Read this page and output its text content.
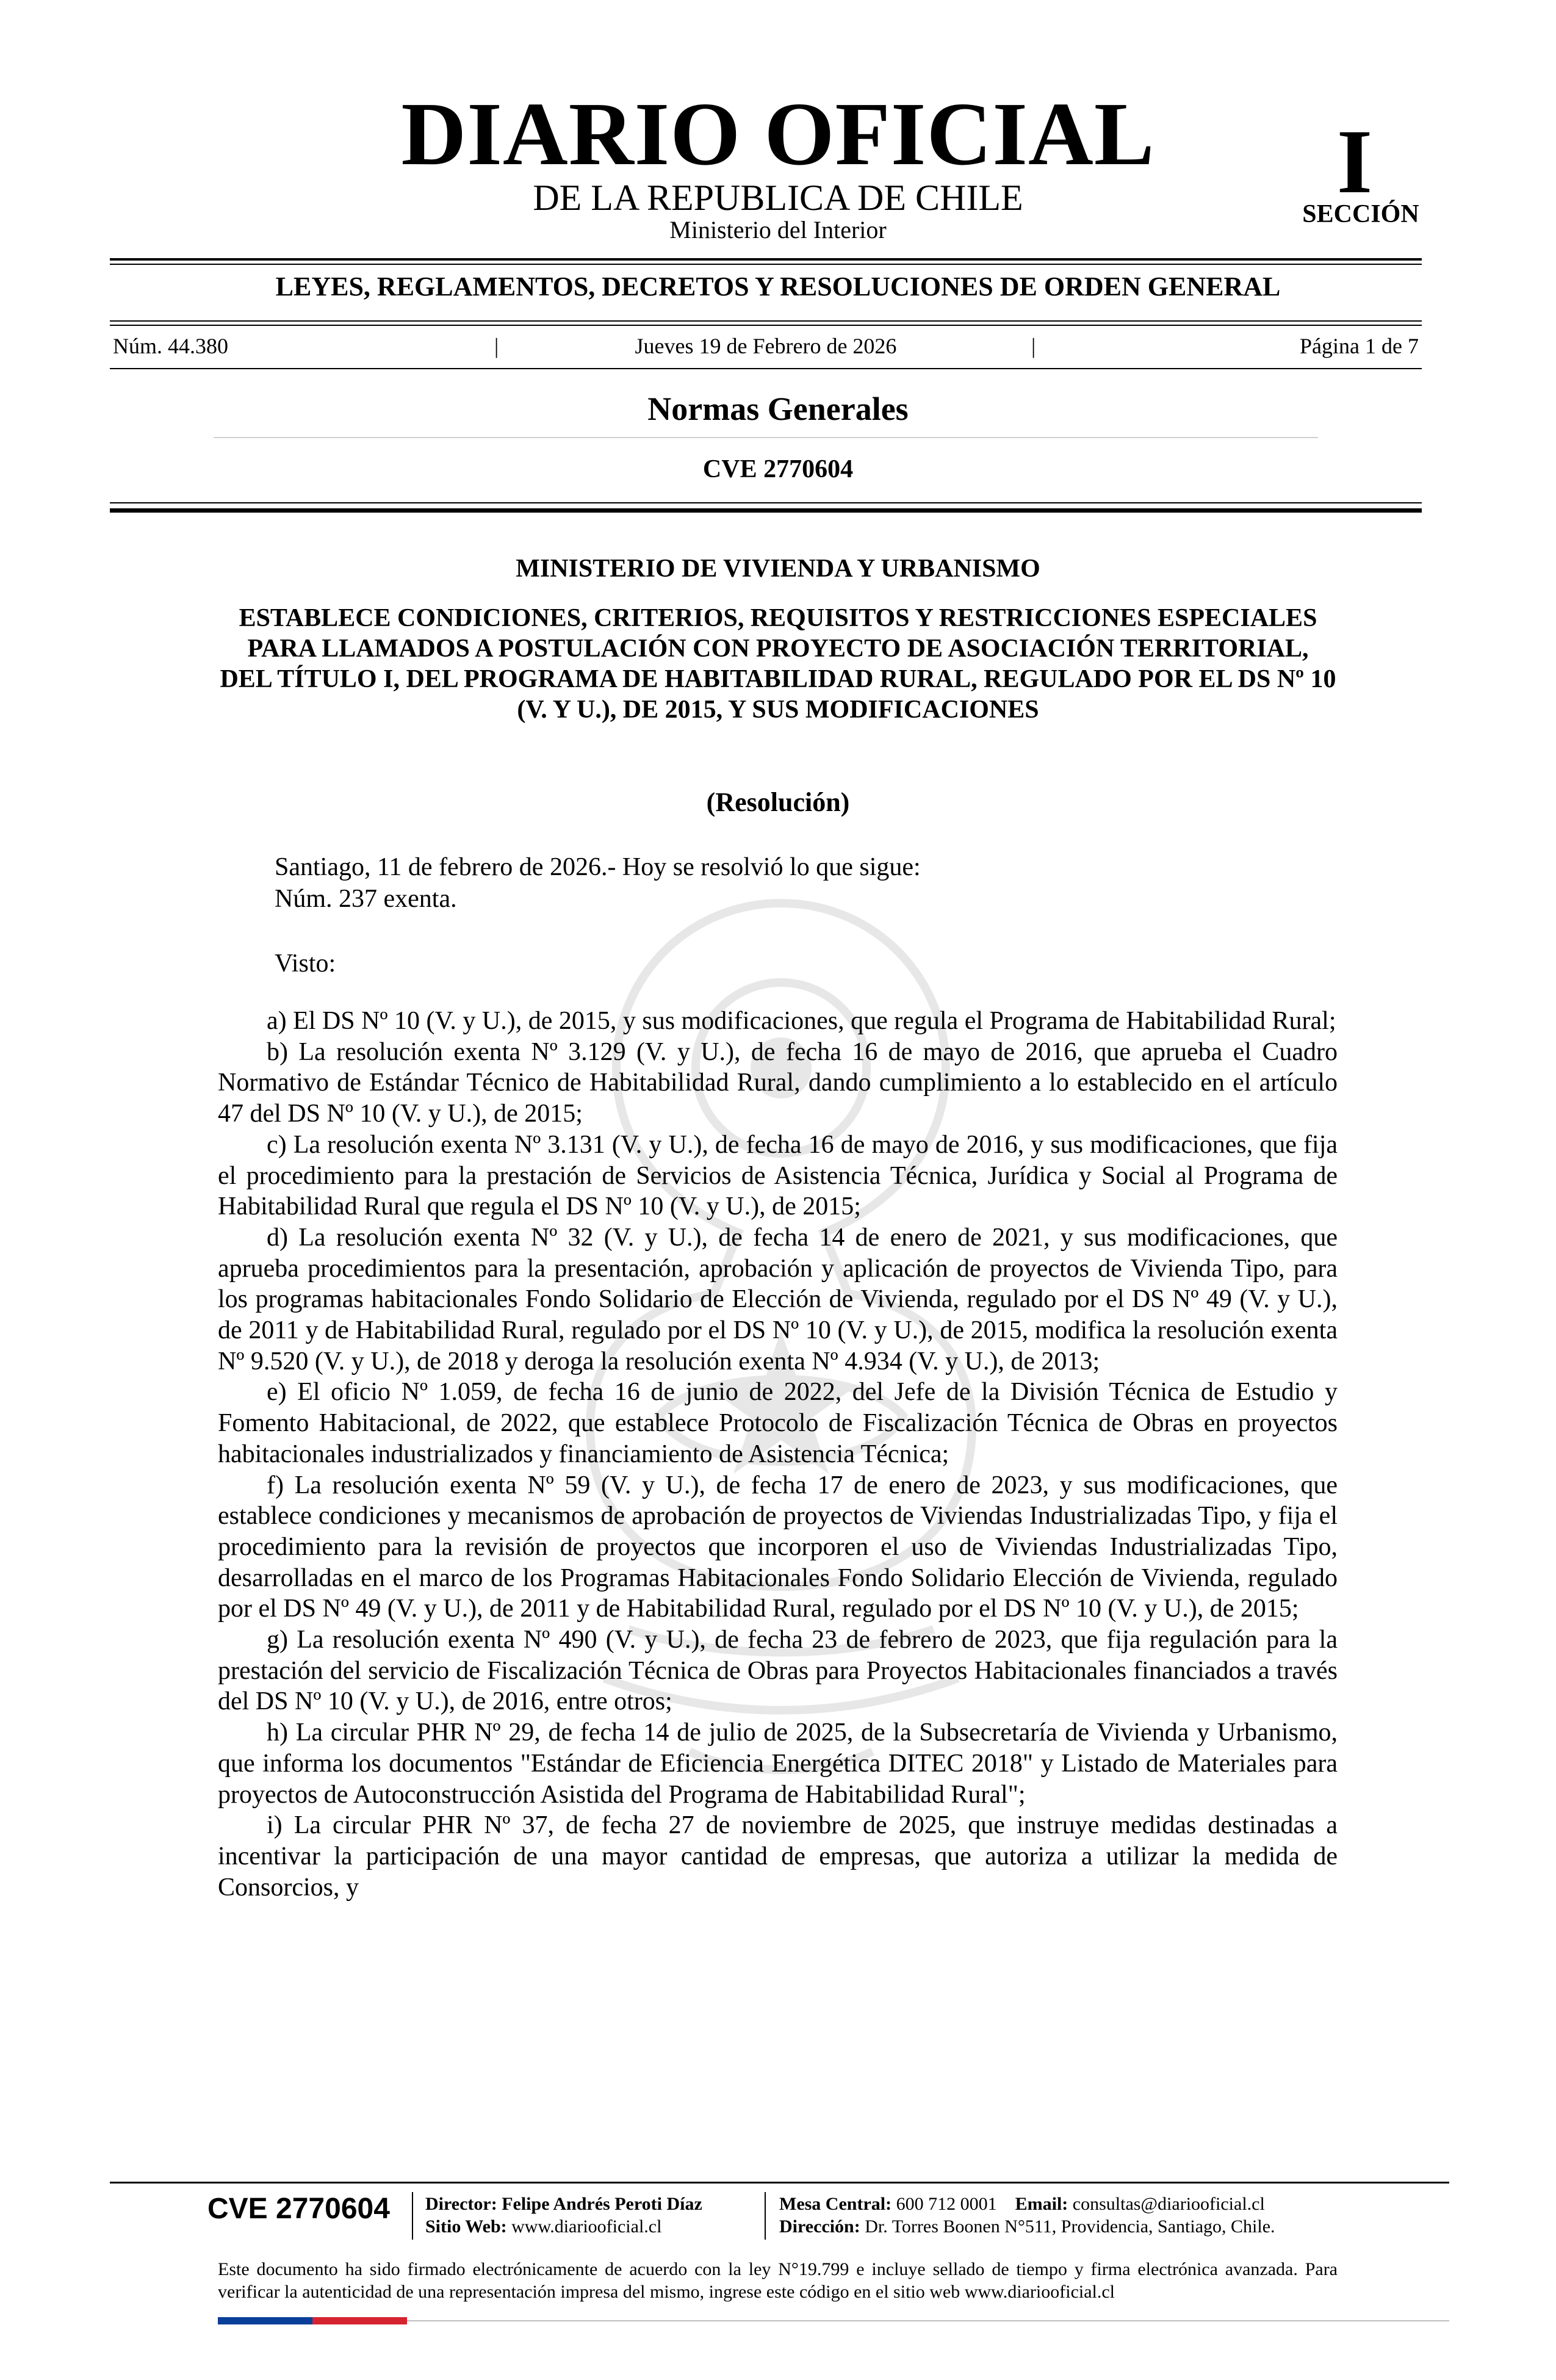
DIARIO OFICIAL
DE LA REPUBLICA DE CHILE
Ministerio del Interior
I
SECCIÓN
LEYES, REGLAMENTOS, DECRETOS Y RESOLUCIONES DE ORDEN GENERAL
Núm. 44.380	|	Jueves 19 de Febrero de 2026	|	Página 1 de 7
Normas Generales
CVE 2770604
MINISTERIO DE VIVIENDA Y URBANISMO
ESTABLECE CONDICIONES, CRITERIOS, REQUISITOS Y RESTRICCIONES ESPECIALES PARA LLAMADOS A POSTULACIÓN CON PROYECTO DE ASOCIACIÓN TERRITORIAL, DEL TÍTULO I, DEL PROGRAMA DE HABITABILIDAD RURAL, REGULADO POR EL DS Nº 10 (V. Y U.), DE 2015, Y SUS MODIFICACIONES
(Resolución)
Santiago, 11 de febrero de 2026.- Hoy se resolvió lo que sigue:
Núm. 237 exenta.
Visto:

a) El DS Nº 10 (V. y U.), de 2015, y sus modificaciones, que regula el Programa de Habitabilidad Rural;

b) La resolución exenta Nº 3.129 (V. y U.), de fecha 16 de mayo de 2016, que aprueba el Cuadro Normativo de Estándar Técnico de Habitabilidad Rural, dando cumplimiento a lo establecido en el artículo 47 del DS Nº 10 (V. y U.), de 2015;

c) La resolución exenta Nº 3.131 (V. y U.), de fecha 16 de mayo de 2016, y sus modificaciones, que fija el procedimiento para la prestación de Servicios de Asistencia Técnica, Jurídica y Social al Programa de Habitabilidad Rural que regula el DS Nº 10 (V. y U.), de 2015;

d) La resolución exenta Nº 32 (V. y U.), de fecha 14 de enero de 2021, y sus modificaciones, que aprueba procedimientos para la presentación, aprobación y aplicación de proyectos de Vivienda Tipo, para los programas habitacionales Fondo Solidario de Elección de Vivienda, regulado por el DS Nº 49 (V. y U.), de 2011 y de Habitabilidad Rural, regulado por el DS Nº 10 (V. y U.), de 2015, modifica la resolución exenta Nº 9.520 (V. y U.), de 2018 y deroga la resolución exenta Nº 4.934 (V. y U.), de 2013;

e) El oficio Nº 1.059, de fecha 16 de junio de 2022, del Jefe de la División Técnica de Estudio y Fomento Habitacional, de 2022, que establece Protocolo de Fiscalización Técnica de Obras en proyectos habitacionales industrializados y financiamiento de Asistencia Técnica;

f) La resolución exenta Nº 59 (V. y U.), de fecha 17 de enero de 2023, y sus modificaciones, que establece condiciones y mecanismos de aprobación de proyectos de Viviendas Industrializadas Tipo, y fija el procedimiento para la revisión de proyectos que incorporen el uso de Viviendas Industrializadas Tipo, desarrolladas en el marco de los Programas Habitacionales Fondo Solidario Elección de Vivienda, regulado por el DS Nº 49 (V. y U.), de 2011 y de Habitabilidad Rural, regulado por el DS Nº 10 (V. y U.), de 2015;

g) La resolución exenta Nº 490 (V. y U.), de fecha 23 de febrero de 2023, que fija regulación para la prestación del servicio de Fiscalización Técnica de Obras para Proyectos Habitacionales financiados a través del DS Nº 10 (V. y U.), de 2016, entre otros;

h) La circular PHR Nº 29, de fecha 14 de julio de 2025, de la Subsecretaría de Vivienda y Urbanismo, que informa los documentos "Estándar de Eficiencia Energética DITEC 2018" y Listado de Materiales para proyectos de Autoconstrucción Asistida del Programa de Habitabilidad Rural";

i) La circular PHR Nº 37, de fecha 27 de noviembre de 2025, que instruye medidas destinadas a incentivar la participación de una mayor cantidad de empresas, que autoriza a utilizar la medida de Consorcios, y

CVE 2770604 Director: Felipe Andrés Peroti Díaz
Sitio Web: www.diariooficial.cl
Mesa Central: 600 712 0001 Email: consultas@diariooficial.cl
Dirección: Dr. Torres Boonen N°511, Providencia, Santiago, Chile.
Este documento ha sido firmado electrónicamente de acuerdo con la ley N°19.799 e incluye sellado de tiempo y firma electrónica avanzada. Para verificar la autenticidad de una representación impresa del mismo, ingrese este código en el sitio web www.diariooficial.cl
